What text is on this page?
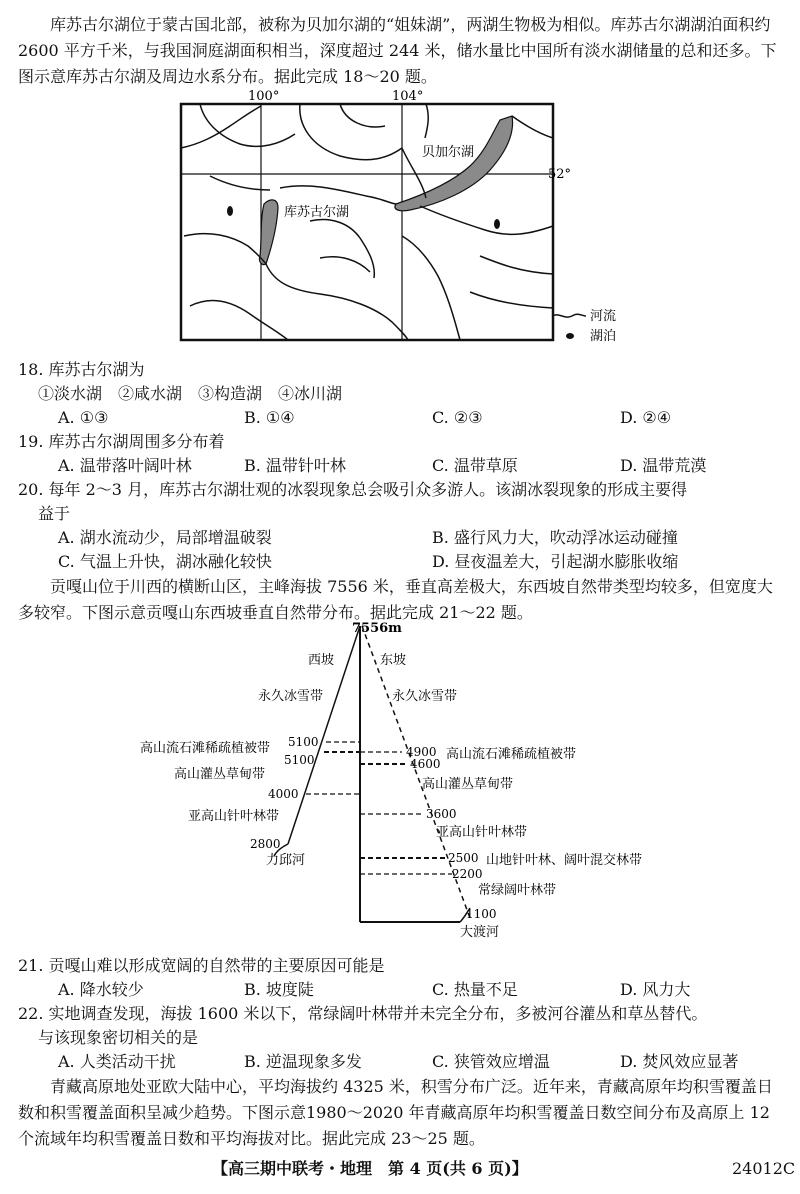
库苏古尔湖位于蒙古国北部，被称为贝加尔湖的“姐妹湖”，两湖生物极为相似。库苏古尔湖湖泊面积约 2600 平方千米，与我国洞庭湖面积相当，深度超过 244 米，储水量比中国所有淡水湖储量的总和还多。下图示意库苏古尔湖及周边水系分布。据此完成 18～20 题。

100°	104°
52°
贝加尔湖
库苏古尔湖
河流
湖泊

18. 库苏古尔湖为

①淡水湖　②咸水湖　③构造湖　④冰川湖

A. ①③	B. ①④	C. ②③	D. ②④

19. 库苏古尔湖周围多分布着

A. 温带落叶阔叶林	B. 温带针叶林	C. 温带草原	D. 温带荒漠

20. 每年 2～3 月，库苏古尔湖壮观的冰裂现象总会吸引众多游人。该湖冰裂现象的形成主要得

益于

A. 湖水流动少，局部增温破裂	B. 盛行风力大，吹动浮冰运动碰撞

C. 气温上升快，湖冰融化较快	D. 昼夜温差大，引起湖水膨胀收缩

贡嘎山位于川西的横断山区，主峰海拔 7556 米，垂直高差极大，东西坡自然带类型均较多，但宽度大多较窄。下图示意贡嘎山东西坡垂直自然带分布。据此完成 21～22 题。

7556m
西坡	东坡
永久冰雪带	永久冰雪带
高山流石滩稀疏植被带	高山流石滩稀疏植被带
高山灌丛草甸带
高山灌丛草甸带
亚高山针叶林带
亚高山针叶林带
山地针叶林、阔叶混交林带
常绿阔叶林带
5100
5100
4000
2800
4900
4600
3600
2500
2200
1100
力邱河
大渡河

21. 贡嘎山难以形成宽阔的自然带的主要原因可能是

A. 降水较少	B. 坡度陡	C. 热量不足	D. 风力大

22. 实地调查发现，海拔 1600 米以下，常绿阔叶林带并未完全分布，多被河谷灌丛和草丛替代。

与该现象密切相关的是

A. 人类活动干扰	B. 逆温现象多发	C. 狭管效应增温	D. 焚风效应显著

青藏高原地处亚欧大陆中心，平均海拔约 4325 米，积雪分布广泛。近年来，青藏高原年均积雪覆盖日数和积雪覆盖面积呈减少趋势。下图示意1980～2020 年青藏高原年均积雪覆盖日数空间分布及高原上 12 个流域年均积雪覆盖日数和平均海拔对比。据此完成 23～25 题。

【高三期中联考・地理　第 4 页(共 6 页)】	24012C
